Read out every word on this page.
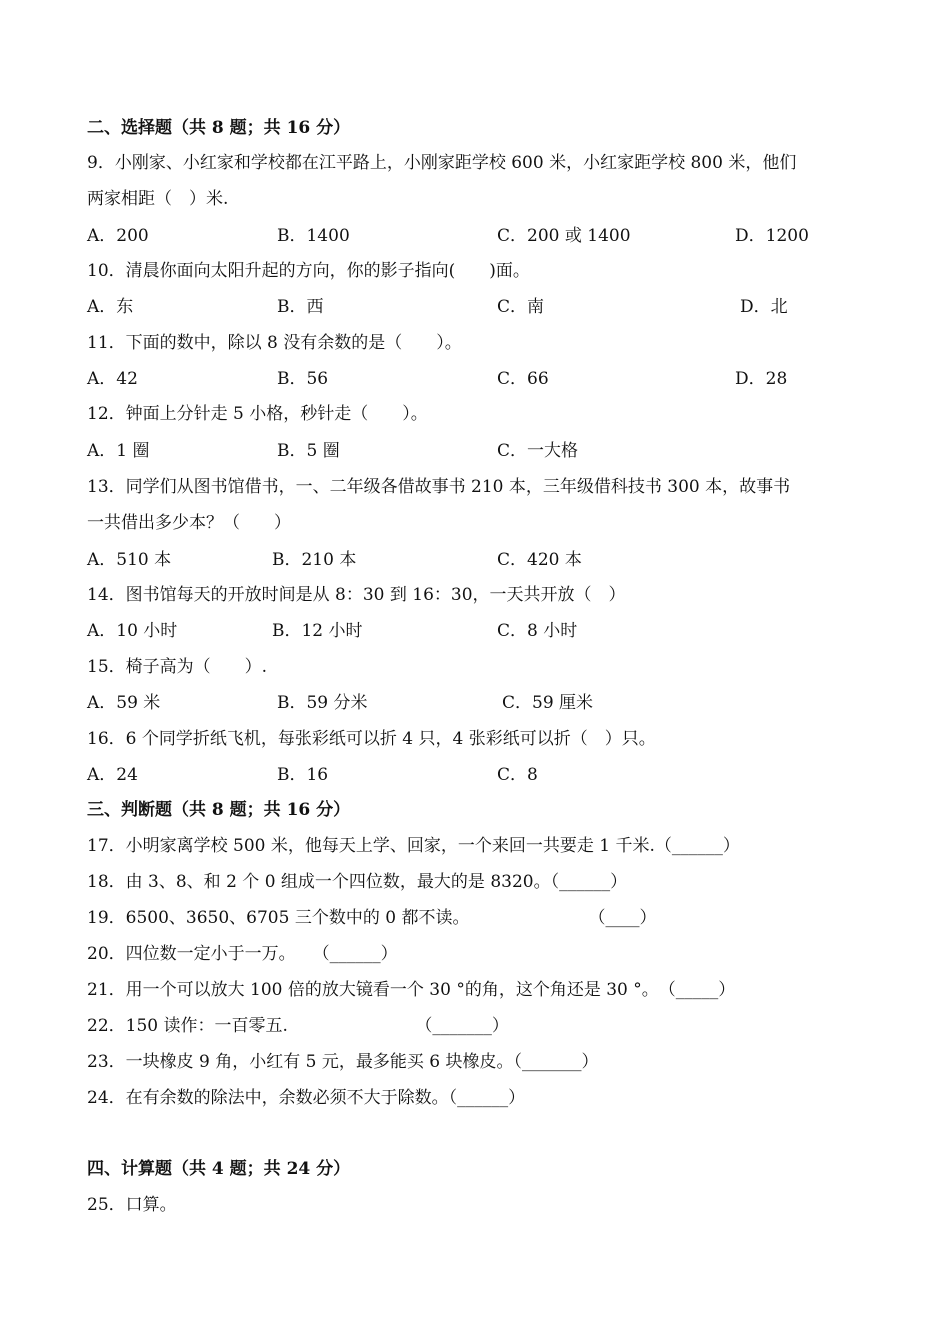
二、选择题（共 8 题；共 16 分）
9．小刚家、小红家和学校都在江平路上，小刚家距学校 600 米，小红家距学校 800 米，他们
两家相距（　）米.
A．200	B．1400	C．200 或 1400	D．1200
10．清晨你面向太阳升起的方向，你的影子指向(　　)面。
A．东	B．西	C．南	D．北
11．下面的数中，除以 8 没有余数的是（　　）。
A．42	B．56	C．66	D．28
12．钟面上分针走 5 小格，秒针走（　　）。
A．1 圈	B．5 圈	C．一大格
13．同学们从图书馆借书，一、二年级各借故事书 210 本，三年级借科技书 300 本，故事书
一共借出多少本？（　　）
A．510 本	B．210 本	C．420 本
14．图书馆每天的开放时间是从 8：30 到 16：30，一天共开放（　）
A．10 小时	B．12 小时	C．8 小时
15．椅子高为（　　）.
A．59 米	B．59 分米	C．59 厘米
16．6 个同学折纸飞机，每张彩纸可以折 4 只，4 张彩纸可以折（　）只。
A．24	B．16	C．8
三、判断题（共 8 题；共 16 分）
17．小明家离学校 500 米，他每天上学、回家，一个来回一共要走 1 千米.（______）
18．由 3、8、和 2 个 0 组成一个四位数，最大的是 8320。（______）
19．6500、3650、6705 三个数中的 0 都不读。　　　　　　　　（____）
20．四位数一定小于一万。　　（______）
21．用一个可以放大 100 倍的放大镜看一个 30 °的角，这个角还是 30 °。　（_____）
22．150 读作：一百零五.　　　　　　　　（_______）
23．一块橡皮 9 角，小红有 5 元，最多能买 6 块橡皮。（_______）
24．在有余数的除法中，余数必须不大于除数。（______）
四、计算题（共 4 题；共 24 分）
25．口算。
